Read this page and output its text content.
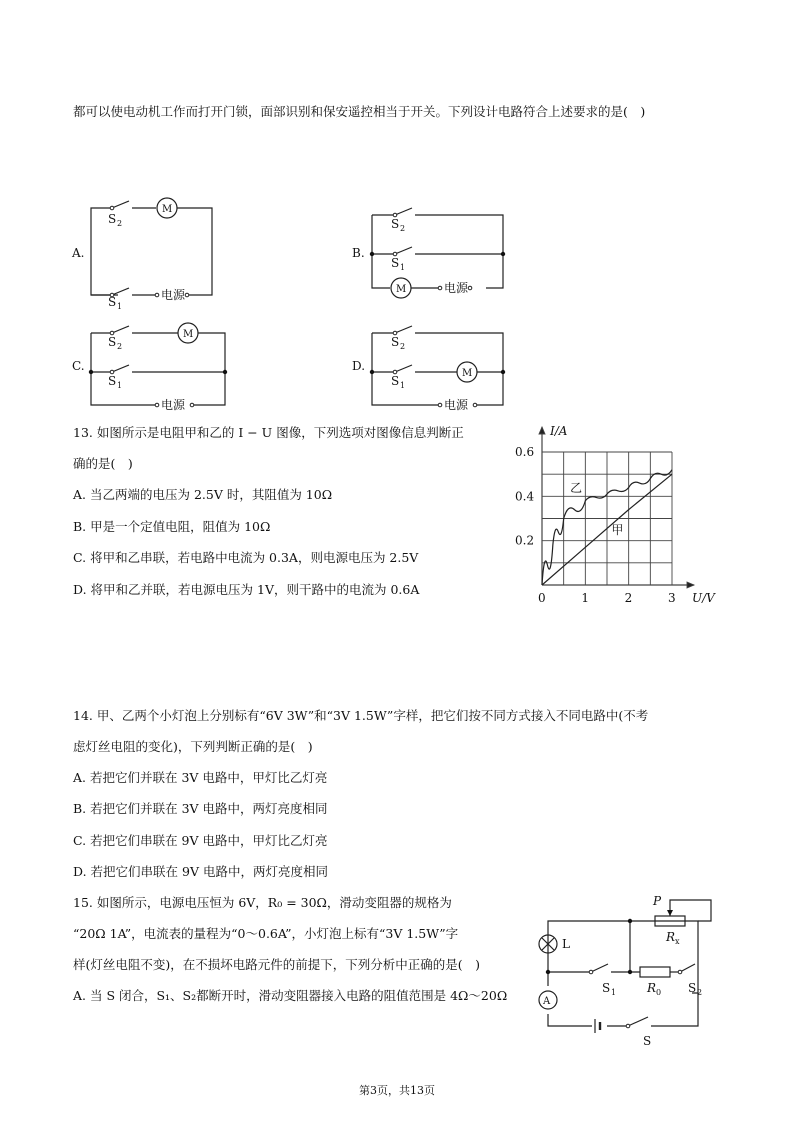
都可以使电动机工作而打开门锁，面部识别和保安遥控相当于开关。下列设计电路符合上述要求的是(　)
A.	B.
C.	D.
S 2
S 1
M
电源
S 2
S 1
M	电源
S 2
S 1
M
电源
S 2
S 1
M
电源
13. 如图所示是电阻甲和乙的 I − U 图像，下列选项对图像信息判断正
确的是(　)
A. 当乙两端的电压为 2.5V 时，其阻值为 10Ω
B. 甲是一个定值电阻，阻值为 10Ω
C. 将甲和乙串联，若电路中电流为 0.3A，则电源电压为 2.5V
D. 将甲和乙并联，若电源电压为 1V，则干路中的电流为 0.6A
0.2
0.4
0.6
0	1	2	3
I/A
U/V
甲
乙
14. 甲、乙两个小灯泡上分别标有“6V 3W”和“3V 1.5W”字样，把它们按不同方式接入不同电路中(不考
虑灯丝电阻的变化)，下列判断正确的是(　)
A. 若把它们并联在 3V 电路中，甲灯比乙灯亮
B. 若把它们并联在 3V 电路中，两灯亮度相同
C. 若把它们串联在 9V 电路中，甲灯比乙灯亮
D. 若把它们串联在 9V 电路中，两灯亮度相同
15. 如图所示，电源电压恒为 6V，R₀ = 30Ω，滑动变阻器的规格为
“20Ω 1A”，电流表的量程为“0～0.6A”，小灯泡上标有“3V 1.5W”字
样(灯丝电阻不变)，在不损坏电路元件的前提下，下列分析中正确的是(　)
A. 当 S 闭合，S₁、S₂都断开时，滑动变阻器接入电路的阻值范围是 4Ω～20Ω
P
R x
L
A
S 1	R 0 S 2
S
第3页，共13页
